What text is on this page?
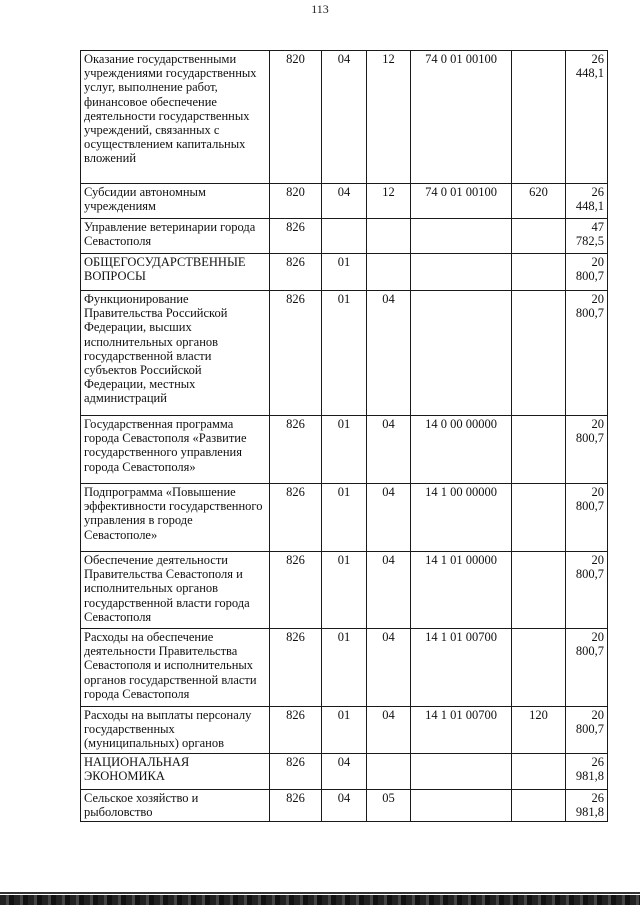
113
Оказание государственными учреждениями государственных услуг, выполнение работ, финансовое обеспечение деятельности государственных учреждений, связанных с осуществлением капитальных вложений	820	04	12	74 0 01 00100		26 448,1
Субсидии автономным учреждениям	820	04	12	74 0 01 00100	620	26 448,1
Управление ветеринарии города Севастополя	826					47 782,5
ОБЩЕГОСУДАРСТВЕННЫЕ ВОПРОСЫ	826	01				20 800,7
Функционирование Правительства Российской Федерации, высших исполнительных органов государственной власти субъектов Российской Федерации, местных администраций	826	01	04			20 800,7
Государственная программа города Севастополя «Развитие государственного управления города Севастополя»	826	01	04	14 0 00 00000		20 800,7
Подпрограмма «Повышение эффективности государственного управления в городе Севастополе»	826	01	04	14 1 00 00000		20 800,7
Обеспечение деятельности Правительства Севастополя и исполнительных органов государственной власти города Севастополя	826	01	04	14 1 01 00000		20 800,7
Расходы на обеспечение деятельности Правительства Севастополя и исполнительных органов государственной власти города Севастополя	826	01	04	14 1 01 00700		20 800,7
Расходы на выплаты персоналу государственных (муниципальных) органов	826	01	04	14 1 01 00700	120	20 800,7
НАЦИОНАЛЬНАЯ ЭКОНОМИКА	826	04				26 981,8
Сельское хозяйство и рыболовство	826	04	05			26 981,8
